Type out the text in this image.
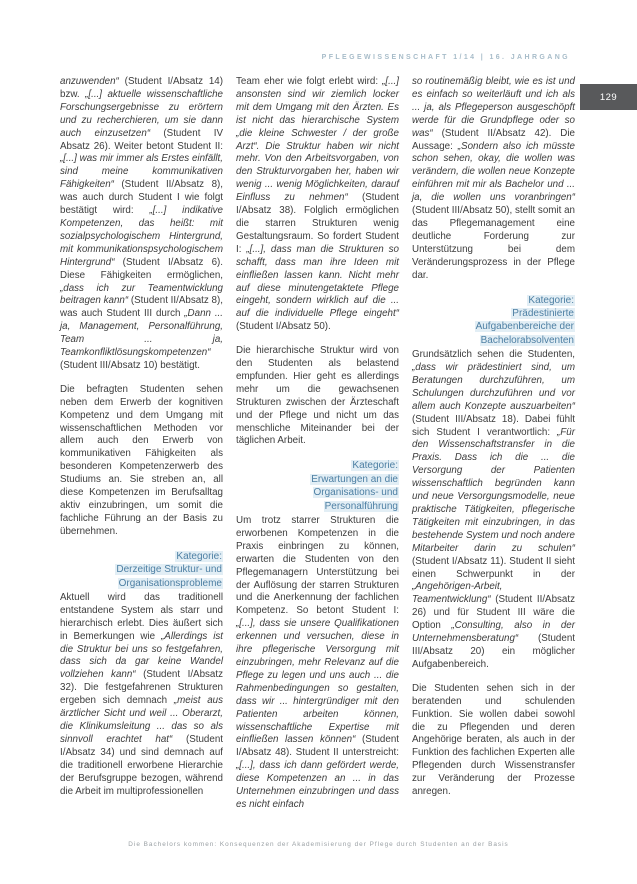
PFLEGEWISSENSCHAFT 1/14 | 16. JAHRGANG
129

anzuwenden“ (Student I/Absatz 14) bzw. „[...] aktuelle wissenschaftliche Forschungsergebnisse zu erörtern und zu recherchieren, um sie dann auch einzusetzen“ (Student IV Absatz 26). Weiter betont Student II: „[...] was mir immer als Erstes einfällt, sind meine kommunikativen Fähigkeiten“ (Student II/Absatz 8), was auch durch Student I wie folgt bestätigt wird: „[...] indikative Kompetenzen, das heißt: mit sozialpsychologischem Hintergrund, mit kommunikationspsychologischem Hintergrund“ (Student I/Absatz 6). Diese Fähigkeiten ermöglichen, „dass ich zur Teamentwicklung beitragen kann“ (Student II/Absatz 8), was auch Student III durch „Dann ... ja, Management, Personalführung, Team ... ja, Teamkonfliktlösungskompetenzen“ (Student III/Absatz 10) bestätigt.

Die befragten Studenten sehen neben dem Erwerb der kognitiven Kompetenz und dem Umgang mit wissenschaftlichen Methoden vor allem auch den Erwerb von kommunikativen Fähigkeiten als besonderen Kompetenzerwerb des Studiums an. Sie streben an, all diese Kompetenzen im Berufsalltag aktiv einzubringen, um somit die fachliche Führung an der Basis zu übernehmen.

Kategorie:
Derzeitige Struktur- und
Organisationsprobleme

Aktuell wird das traditionell entstandene System als starr und hierarchisch erlebt. Dies äußert sich in Bemerkungen wie „Allerdings ist die Struktur bei uns so festgefahren, dass sich da gar keine Wandel vollziehen kann“ (Student I/Absatz 32). Die festgefahrenen Strukturen ergeben sich demnach „meist aus ärztlicher Sicht und weil ... Oberarzt, die Klinikumsleitung ... das so als sinnvoll erachtet hat“ (Student I/Absatz 34) und sind demnach auf die traditionell erworbene Hierarchie der Berufsgruppe bezogen, während die Arbeit im multiprofessionellen

Team eher wie folgt erlebt wird: „[...] ansonsten sind wir ziemlich locker mit dem Umgang mit den Ärzten. Es ist nicht das hierarchische System „die kleine Schwester / der große Arzt“. Die Struktur haben wir nicht mehr. Von den Arbeitsvorgaben, von den Strukturvorgaben her, haben wir wenig ... wenig Möglichkeiten, darauf Einfluss zu nehmen“ (Student I/Absatz 38). Folglich ermöglichen die starren Strukturen wenig Gestaltungsraum. So fordert Student I: „[...], dass man die Strukturen so schafft, dass man ihre Ideen mit einfließen lassen kann. Nicht mehr auf diese minutengetaktete Pflege eingeht, sondern wirklich auf die ... auf die individuelle Pflege eingeht“ (Student I/Absatz 50).

Die hierarchische Struktur wird von den Studenten als belastend empfunden. Hier geht es allerdings mehr um die gewachsenen Strukturen zwischen der Ärzteschaft und der Pflege und nicht um das menschliche Miteinander bei der täglichen Arbeit.

Kategorie:
Erwartungen an die
Organisations- und
Personalführung

Um trotz starrer Strukturen die erworbenen Kompetenzen in die Praxis einbringen zu können, erwarten die Studenten von den Pflegemanagern Unterstützung bei der Auflösung der starren Strukturen und die Anerkennung der fachlichen Kompetenz. So betont Student I: „[...], dass sie unsere Qualifikationen erkennen und versuchen, diese in ihre pflegerische Versorgung mit einzubringen, mehr Relevanz auf die Pflege zu legen und uns auch ... die Rahmenbedingungen so gestalten, dass wir ... hintergründiger mit den Patienten arbeiten können, wissenschaftliche Expertise mit einfließen lassen können“ (Student I/Absatz 48). Student II unterstreicht: „[...], dass ich dann gefördert werde, diese Kompetenzen an ... in das Unternehmen einzubringen und dass es nicht einfach

so routinemäßig bleibt, wie es ist und es einfach so weiterläuft und ich als ... ja, als Pflegeperson ausgeschöpft werde für die Grundpflege oder so was“ (Student II/Absatz 42). Die Aussage: „Sondern also ich müsste schon sehen, okay, die wollen was verändern, die wollen neue Konzepte einführen mit mir als Bachelor und ... ja, die wollen uns voranbringen“ (Student III/Absatz 50), stellt somit an das Pflegemanagement eine deutliche Forderung zur Unterstützung bei dem Veränderungsprozess in der Pflege dar.

Kategorie:
Prädestinierte
Aufgabenbereiche der
Bachelorabsolventen

Grundsätzlich sehen die Studenten, „dass wir prädestiniert sind, um Beratungen durchzuführen, um Schulungen durchzuführen und vor allem auch Konzepte auszuarbeiten“ (Student III/Absatz 18). Dabei fühlt sich Student I verantwortlich: „Für den Wissenschaftstransfer in die Praxis. Dass ich die ... die Versorgung der Patienten wissenschaftlich begründen kann und neue Versorgungsmodelle, neue praktische Tätigkeiten, pflegerische Tätigkeiten mit einzubringen, in das bestehende System und noch andere Mitarbeiter darin zu schulen“ (Student I/Absatz 11). Student II sieht einen Schwerpunkt in der „Angehörigen-Arbeit, Teamentwicklung“ (Student II/Absatz 26) und für Student III wäre die Option „Consulting, also in der Unternehmensberatung“ (Student III/Absatz 20) ein möglicher Aufgabenbereich.

Die Studenten sehen sich in der beratenden und schulenden Funktion. Sie wollen dabei sowohl die zu Pflegenden und deren Angehörige beraten, als auch in der Funktion des fachlichen Experten alle Pflegenden durch Wissenstransfer zur Veränderung der Prozesse anregen.

Die Bachelors kommen: Konsequenzen der Akademisierung der Pflege durch Studenten an der Basis
